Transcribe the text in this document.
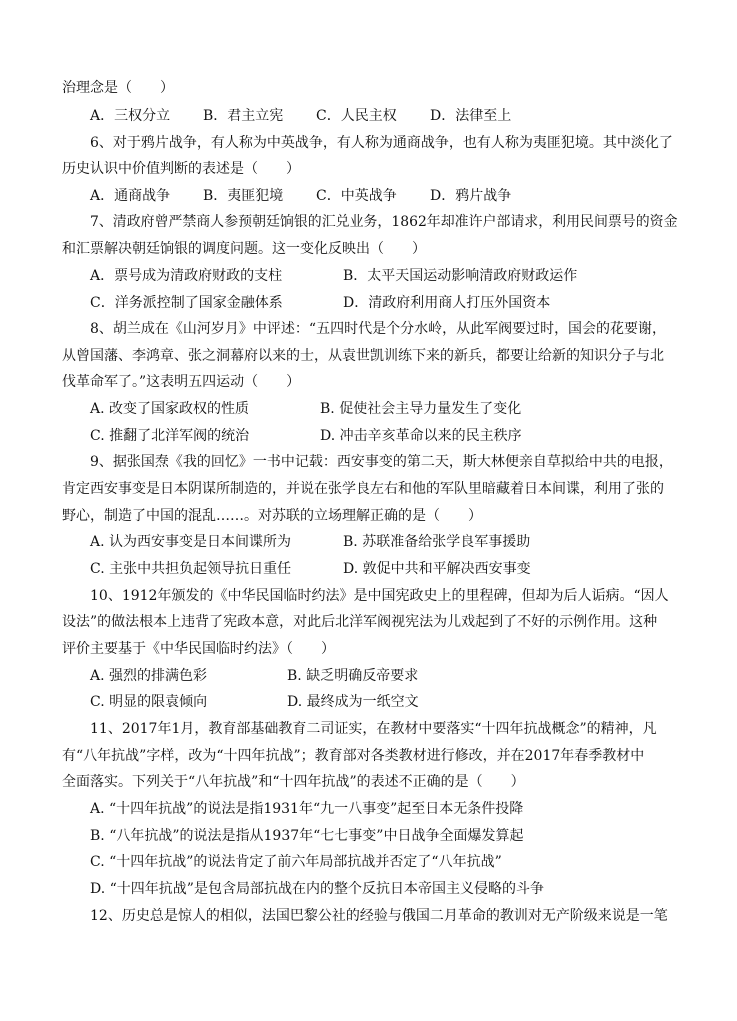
治理念是（　　）
A．三权分立 B．君主立宪 C．人民主权 D．法律至上
6、对于鸦片战争，有人称为中英战争，有人称为通商战争，也有人称为夷匪犯境。其中淡化了
历史认识中价值判断的表述是（　　）
A．通商战争 B．夷匪犯境 C．中英战争 D．鸦片战争
7、清政府曾严禁商人参预朝廷饷银的汇兑业务，1862年却准许户部请求，利用民间票号的资金
和汇票解决朝廷饷银的调度问题。这一变化反映出（　　）
A．票号成为清政府财政的支柱	B．太平天国运动影响清政府财政运作
C．洋务派控制了国家金融体系	D．清政府利用商人打压外国资本
8、胡兰成在《山河岁月》中评述：“五四时代是个分水岭，从此军阀要过时，国会的花要谢，
从曾国藩、李鸿章、张之洞幕府以来的士，从袁世凯训练下来的新兵，都要让给新的知识分子与北
伐革命军了。”这表明五四运动（　　）
A. 改变了国家政权的性质	B. 促使社会主导力量发生了变化
C. 推翻了北洋军阀的统治	D. 冲击辛亥革命以来的民主秩序
9、据张国焘《我的回忆》一书中记载：西安事变的第二天，斯大林便亲自草拟给中共的电报，
肯定西安事变是日本阴谋所制造的，并说在张学良左右和他的军队里暗藏着日本间谍，利用了张的
野心，制造了中国的混乱……。对苏联的立场理解正确的是（　　）
A. 认为西安事变是日本间谍所为	B. 苏联准备给张学良军事援助
C. 主张中共担负起领导抗日重任	D. 敦促中共和平解决西安事变
10、1912年颁发的《中华民国临时约法》是中国宪政史上的里程碑，但却为后人诟病。“因人
设法”的做法根本上违背了宪政本意，对此后北洋军阀视宪法为儿戏起到了不好的示例作用。这种
评价主要基于《中华民国临时约法》（　　）
A. 强烈的排满色彩	B. 缺乏明确反帝要求
C. 明显的限袁倾向	D. 最终成为一纸空文
11、2017年1月，教育部基础教育二司证实，在教材中要落实“十四年抗战概念”的精神，凡
有“八年抗战”字样，改为“十四年抗战”；教育部对各类教材进行修改，并在2017年春季教材中
全面落实。下列关于“八年抗战”和“十四年抗战”的表述不正确的是（　　）
A. “十四年抗战”的说法是指1931年“九一八事变”起至日本无条件投降
B. “八年抗战”的说法是指从1937年“七七事变”中日战争全面爆发算起
C. “十四年抗战”的说法肯定了前六年局部抗战并否定了“八年抗战”
D. “十四年抗战”是包含局部抗战在内的整个反抗日本帝国主义侵略的斗争
12、历史总是惊人的相似，法国巴黎公社的经验与俄国二月革命的教训对无产阶级来说是一笔
